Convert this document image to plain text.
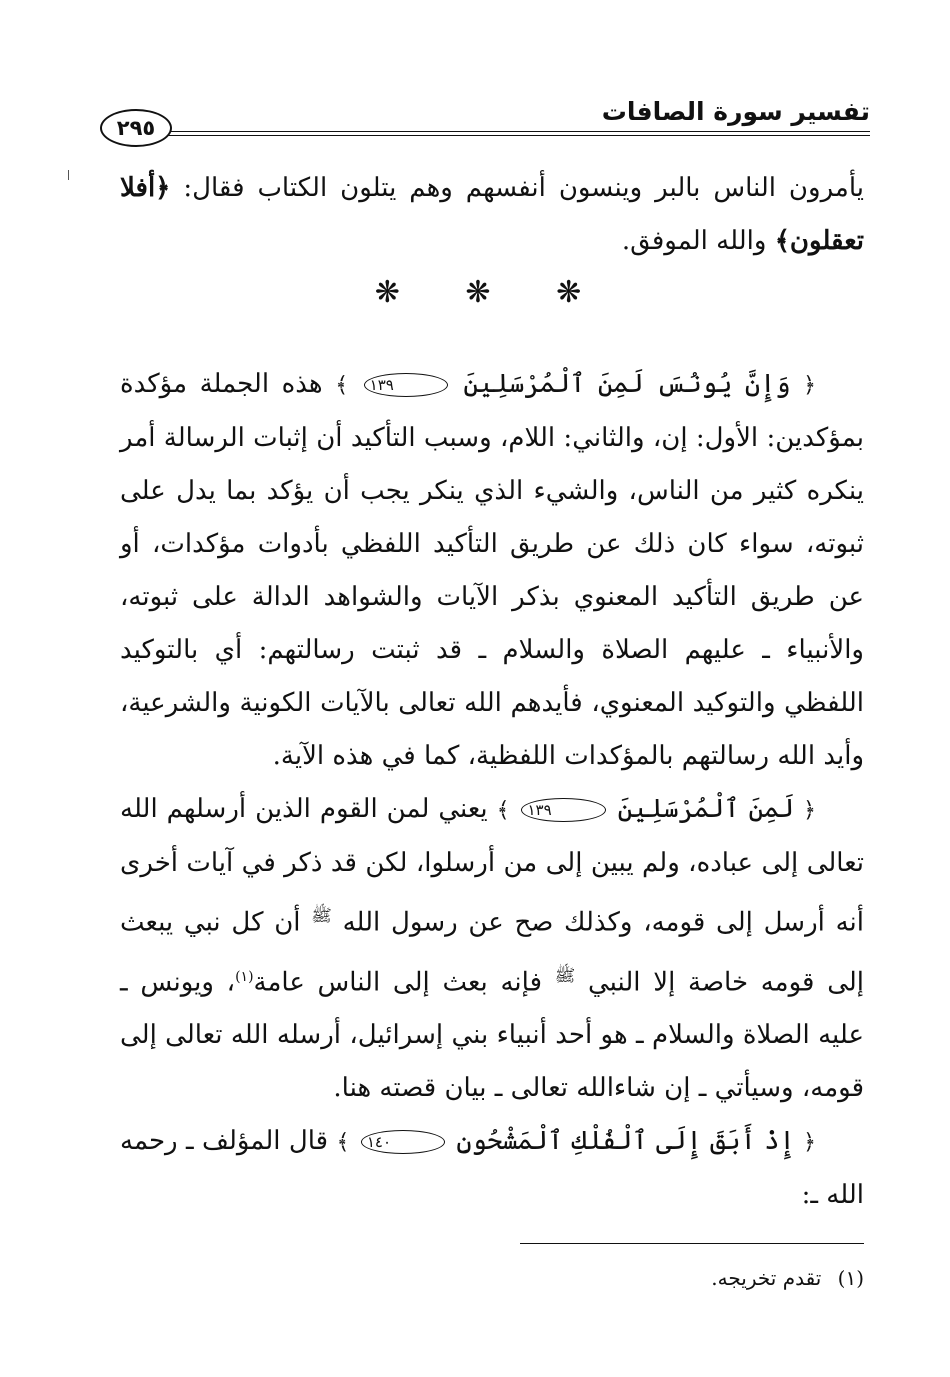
تفسير سورة الصافات
٢٩٥

يأمرون الناس بالبر وينسون أنفسهم وهم يتلون الكتاب فقال: ﴿أفلا تعقلون﴾ والله الموفق.

❋ ❋ ❋

﴿ وَإِنَّ يُونُسَ لَمِنَ ٱلْمُرْسَلِينَ ١٣٩ ﴾ هذه الجملة مؤكدة بمؤكدين: الأول: إن، والثاني: اللام، وسبب التأكيد أن إثبات الرسالة أمر ينكره كثير من الناس، والشيء الذي ينكر يجب أن يؤكد بما يدل على ثبوته، سواء كان ذلك عن طريق التأكيد اللفظي بأدوات مؤكدات، أو عن طريق التأكيد المعنوي بذكر الآيات والشواهد الدالة على ثبوته، والأنبياء ـ عليهم الصلاة والسلام ـ قد ثبتت رسالتهم: أي بالتوكيد اللفظي والتوكيد المعنوي، فأيدهم الله تعالى بالآيات الكونية والشرعية، وأيد الله رسالتهم بالمؤكدات اللفظية، كما في هذه الآية.

﴿ لَمِنَ ٱلْمُرْسَلِينَ ١٣٩ ﴾ يعني لمن القوم الذين أرسلهم الله تعالى إلى عباده، ولم يبين إلى من أرسلوا، لكن قد ذكر في آيات أخرى أنه أرسل إلى قومه، وكذلك صح عن رسول الله $^ﷺ$ أن كل نبي يبعث إلى قومه خاصة إلا النبي $^ﷺ$ فإنه بعث إلى الناس عامة$^{(١)}$، ويونس ـ عليه الصلاة والسلام ـ هو أحد أنبياء بني إسرائيل، أرسله الله تعالى إلى قومه، وسيأتي ـ إن شاءالله تعالى ـ بيان قصته هنا.

﴿ إِذْ أَبَقَ إِلَى ٱلْفُلْكِ ٱلْمَشْحُونِ ١٤٠ ﴾ قال المؤلف ـ رحمه الله ـ:

(١) تقدم تخريجه.
